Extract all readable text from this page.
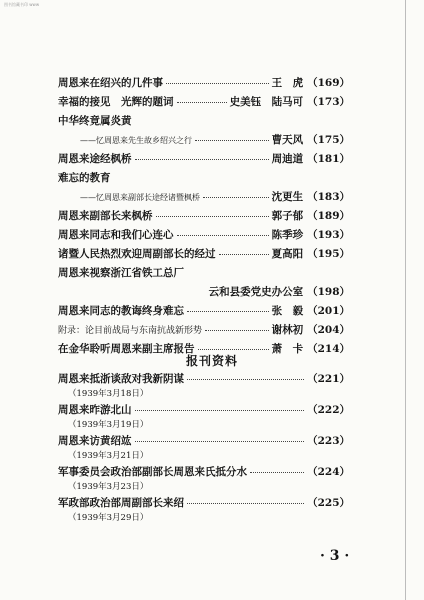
图书馆藏书印 www
周恩来在绍兴的几件事	王　虎 （169）
幸福的接见　光辉的题词	史美钰　陆马可 （173）
中华终竟属炎黄
——忆周恩来先生故乡绍兴之行	曹天风 （175）
周恩来途经枫桥	周迪道 （181）
难忘的教育
——忆周恩来副部长途经诸暨枫桥	沈更生 （183）
周恩来副部长来枫桥	郭子郁 （189）
周恩来同志和我们心连心	陈季珍 （193）
诸暨人民热烈欢迎周副部长的经过	夏高阳 （195）
周恩来视察浙江省铁工总厂
云和县委党史办公室 （198）
周恩来同志的教诲终身难忘	张　毅 （201）
附录：论目前战局与东南抗战新形势	谢林初 （204）
在金华聆听周恩来副主席报告	萧　卡 （214）
报刊资料
周恩来抵浙谈敌对我新阴谋	（221）
（1939年3月18日）
周恩来昨游北山	（222）
（1939年3月19日）
周恩来访黄绍竑	（223）
（1939年3月21日）
军事委员会政治部副部长周恩来氏抵分水	（224）
（1939年3月23日）
军政部政治部周副部长来绍	（225）
（1939年3月29日）
· 3 ·
